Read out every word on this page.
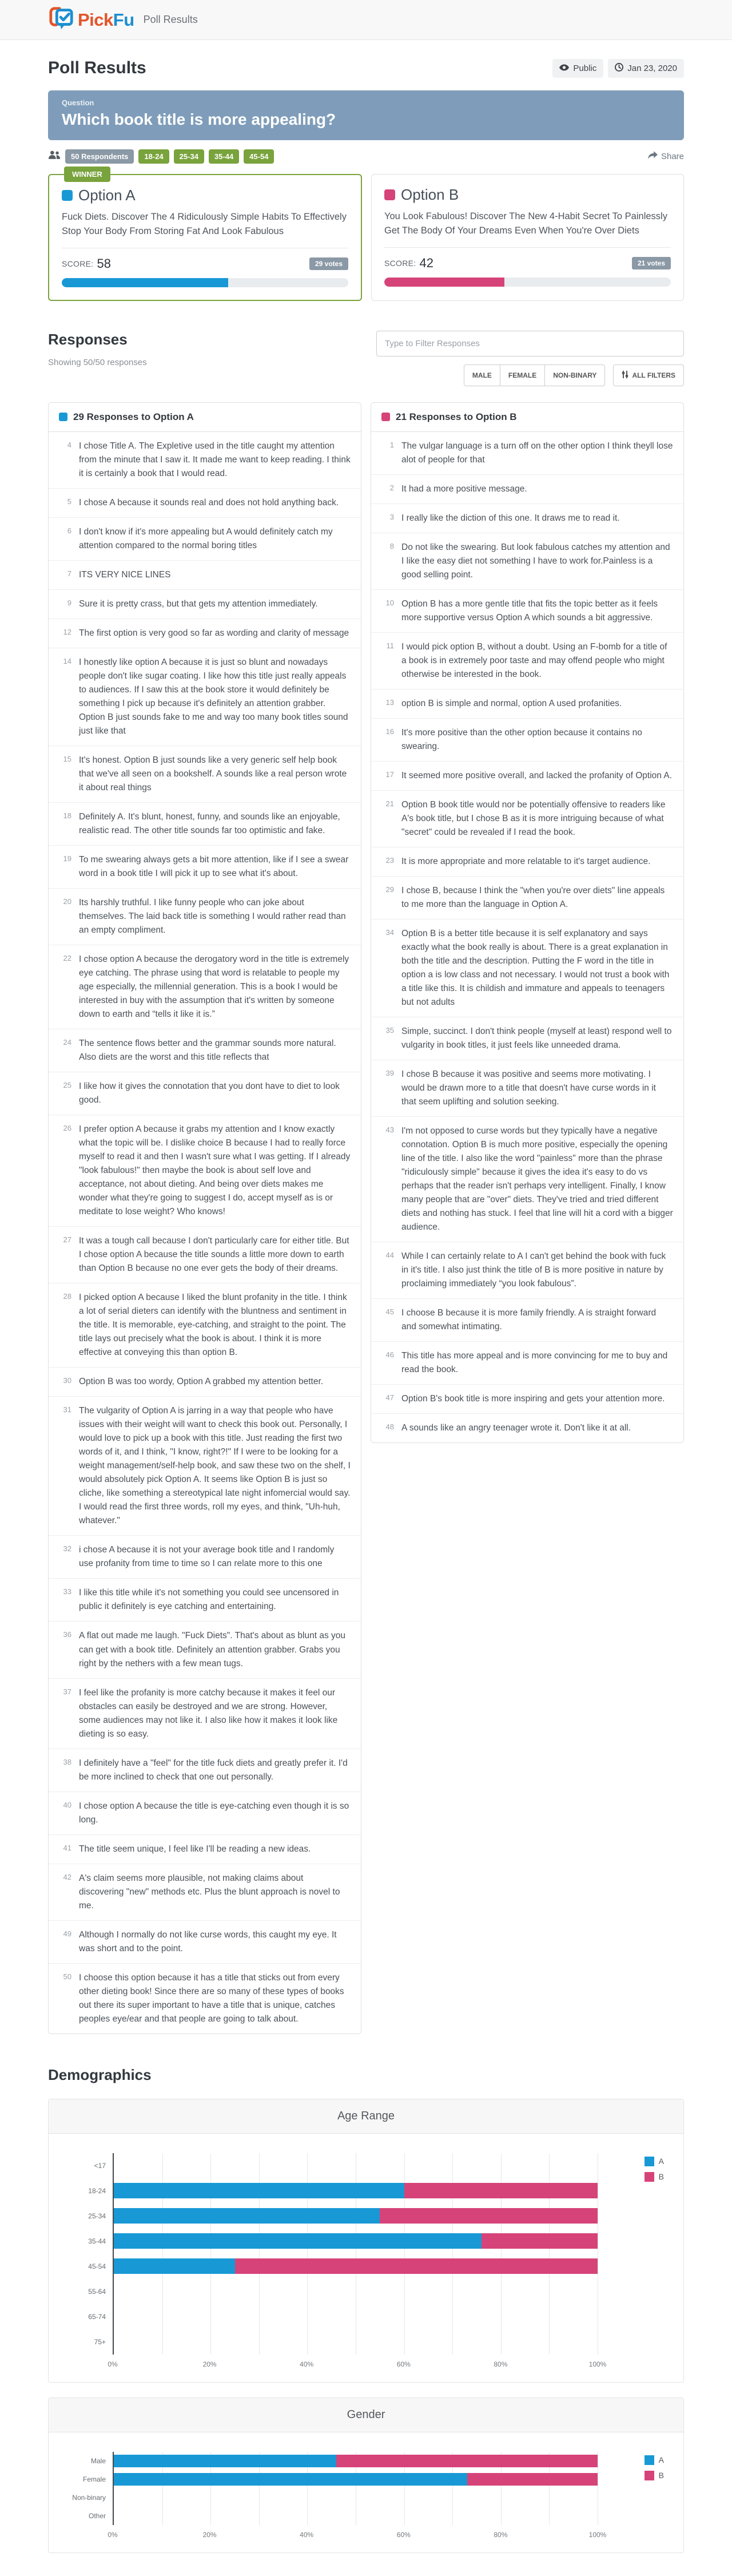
PickFu Poll Results
Poll Results	Public	Jan 23, 2020
Question
Which book title is more appealing?
50 Respondents	18-24	25-34	35-44	45-54	Share
WINNER
Option A
Fuck Diets. Discover The 4 Ridiculously Simple Habits To Effectively Stop Your Body From Storing Fat And Look Fabulous
SCORE: 58	29 votes
Option B
You Look Fabulous! Discover The New 4-Habit Secret To Painlessly Get The Body Of Your Dreams Even When You're Over Diets
SCORE: 42	21 votes
Responses
Showing 50/50 responses
Type to Filter Responses
MALE	FEMALE	NON-BINARY	ALL FILTERS
29 Responses to Option A
4 I chose Title A. The Expletive used in the title caught my attention from the minute that I saw it. It made me want to keep reading. I think it is certainly a book that I would read.
5 I chose A because it sounds real and does not hold anything back.
6 I don't know if it's more appealing but A would definitely catch my attention compared to the normal boring titles
7 ITS VERY NICE LINES
9 Sure it is pretty crass, but that gets my attention immediately.
12 The first option is very good so far as wording and clarity of message
14 I honestly like option A because it is just so blunt and nowadays people don't like sugar coating. I like how this title just really appeals to audiences. If I saw this at the book store it would definitely be something I pick up because it's definitely an attention grabber. Option B just sounds fake to me and way too many book titles sound just like that
15 It's honest. Option B just sounds like a very generic self help book that we've all seen on a bookshelf. A sounds like a real person wrote it about real things
18 Definitely A. It's blunt, honest, funny, and sounds like an enjoyable, realistic read. The other title sounds far too optimistic and fake.
19 To me swearing always gets a bit more attention, like if I see a swear word in a book title I will pick it up to see what it's about.
20 Its harshly truthful. I like funny people who can joke about themselves. The laid back title is something I would rather read than an empty compliment.
22 I chose option A because the derogatory word in the title is extremely eye catching. The phrase using that word is relatable to people my age especially, the millennial generation. This is a book I would be interested in buy with the assumption that it's written by someone down to earth and “tells it like it is.”
24 The sentence flows better and the grammar sounds more natural. Also diets are the worst and this title reflects that
25 I like how it gives the connotation that you dont have to diet to look good.
26 I prefer option A because it grabs my attention and I know exactly what the topic will be. I dislike choice B because I had to really force myself to read it and then I wasn't sure what I was getting. If I already "look fabulous!" then maybe the book is about self love and acceptance, not about dieting. And being over diets makes me wonder what they're going to suggest I do, accept myself as is or meditate to lose weight? Who knows!
27 It was a tough call because I don't particularly care for either title. But I chose option A because the title sounds a little more down to earth than Option B because no one ever gets the body of their dreams.
28 I picked option A because I liked the blunt profanity in the title. I think a lot of serial dieters can identify with the bluntness and sentiment in the title. It is memorable, eye-catching, and straight to the point. The title lays out precisely what the book is about. I think it is more effective at conveying this than option B.
30 Option B was too wordy, Option A grabbed my attention better.
31 The vulgarity of Option A is jarring in a way that people who have issues with their weight will want to check this book out. Personally, I would love to pick up a book with this title. Just reading the first two words of it, and I think, "I know, right?!" If I were to be looking for a weight management/self-help book, and saw these two on the shelf, I would absolutely pick Option A. It seems like Option B is just so cliche, like something a stereotypical late night infomercial would say. I would read the first three words, roll my eyes, and think, "Uh-huh, whatever."
32 i chose A because it is not your average book title and I randomly use profanity from time to time so I can relate more to this one
33 I like this title while it's not something you could see uncensored in public it definitely is eye catching and entertaining.
36 A flat out made me laugh. "Fuck Diets". That's about as blunt as you can get with a book title. Definitely an attention grabber. Grabs you right by the nethers with a few mean tugs.
37 I feel like the profanity is more catchy because it makes it feel our obstacles can easily be destroyed and we are strong. However, some audiences may not like it. I also like how it makes it look like dieting is so easy.
38 I definitely have a "feel" for the title fuck diets and greatly prefer it. I'd be more inclined to check that one out personally.
40 I chose option A because the title is eye-catching even though it is so long.
41 The title seem unique, I feel like I'll be reading a new ideas.
42 A's claim seems more plausible, not making claims about discovering "new" methods etc. Plus the blunt approach is novel to me.
49 Although I normally do not like curse words, this caught my eye. It was short and to the point.
50 I choose this option because it has a title that sticks out from every other dieting book! Since there are so many of these types of books out there its super important to have a title that is unique, catches peoples eye/ear and that people are going to talk about.
21 Responses to Option B
1 The vulgar language is a turn off on the other option I think theyll lose alot of people for that
2 It had a more positive message.
3 I really like the diction of this one. It draws me to read it.
8 Do not like the swearing. But look fabulous catches my attention and I like the easy diet not something I have to work for.Painless is a good selling point.
10 Option B has a more gentle title that fits the topic better as it feels more supportive versus Option A which sounds a bit aggressive.
11 I would pick option B, without a doubt. Using an F-bomb for a title of a book is in extremely poor taste and may offend people who might otherwise be interested in the book.
13 option B is simple and normal, option A used profanities.
16 It's more positive than the other option because it contains no swearing.
17 It seemed more positive overall, and lacked the profanity of Option A.
21 Option B book title would nor be potentially offensive to readers like A's book title, but I chose B as it is more intriguing because of what "secret" could be revealed if I read the book.
23 It is more appropriate and more relatable to it's target audience.
29 I chose B, because I think the "when you're over diets" line appeals to me more than the language in Option A.
34 Option B is a better title because it is self explanatory and says exactly what the book really is about. There is a great explanation in both the title and the description. Putting the F word in the title in option a is low class and not necessary. I would not trust a book with a title like this. It is childish and immature and appeals to teenagers but not adults
35 Simple, succinct. I don't think people (myself at least) respond well to vulgarity in book titles, it just feels like unneeded drama.
39 I chose B because it was positive and seems more motivating. I would be drawn more to a title that doesn't have curse words in it that seem uplifting and solution seeking.
43 I'm not opposed to curse words but they typically have a negative connotation. Option B is much more positive, especially the opening line of the title. I also like the word "painless" more than the phrase "ridiculously simple" because it gives the idea it's easy to do vs perhaps that the reader isn't perhaps very intelligent. Finally, I know many people that are "over" diets. They've tried and tried different diets and nothing has stuck. I feel that line will hit a cord with a bigger audience.
44 While I can certainly relate to A I can't get behind the book with fuck in it's title. I also just think the title of B is more positive in nature by proclaiming immediately “you look fabulous”.
45 I choose B because it is more family friendly. A is straight forward and somewhat intimating.
46 This title has more appeal and is more convincing for me to buy and read the book.
47 Option B's book title is more inspiring and gets your attention more.
48 A sounds like an angry teenager wrote it. Don't like it at all.
Demographics
Age Range
A
B
<17
18-24
25-34
35-44
45-54
55-64
65-74
75+
0%	20%	40%	60%	80%	100%
Gender
A
B
Male
Female
Non-binary
Other
0%	20%	40%	60%	80%	100%
